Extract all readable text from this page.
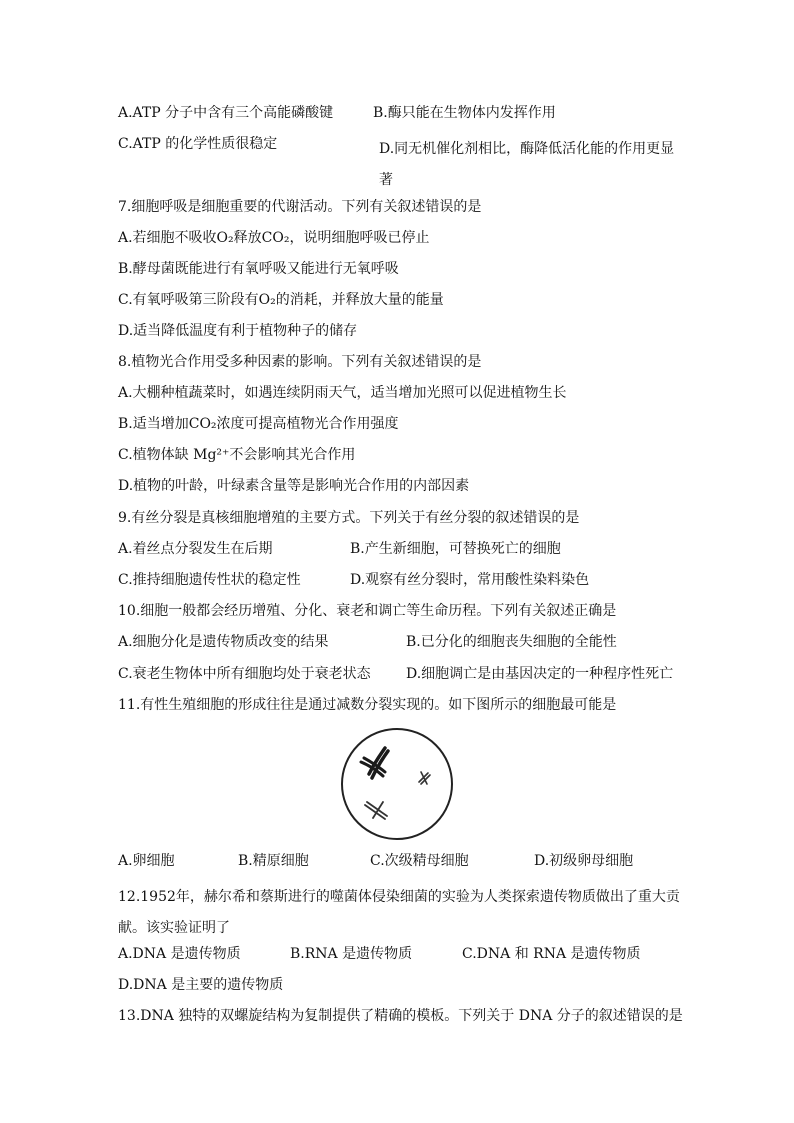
A.ATP 分子中含有三个高能磷酸键	B.酶只能在生物体内发挥作用
C.ATP 的化学性质很稳定	D.同无机催化剂相比，酶降低活化能的作用更显著
7.细胞呼吸是细胞重要的代谢活动。下列有关叙述错误的是
A.若细胞不吸收O₂释放CO₂，说明细胞呼吸已停止
B.酵母菌既能进行有氧呼吸又能进行无氧呼吸
C.有氧呼吸第三阶段有O₂的消耗，并释放大量的能量
D.适当降低温度有利于植物种子的储存
8.植物光合作用受多种因素的影响。下列有关叙述错误的是
A.大棚种植蔬菜时，如遇连续阴雨天气，适当增加光照可以促进植物生长
B.适当增加CO₂浓度可提高植物光合作用强度
C.植物体缺 Mg²⁺不会影响其光合作用
D.植物的叶龄，叶绿素含量等是影响光合作用的内部因素
9.有丝分裂是真核细胞增殖的主要方式。下列关于有丝分裂的叙述错误的是
A.着丝点分裂发生在后期	B.产生新细胞，可替换死亡的细胞
C.推持细胞遗传性状的稳定性	D.观察有丝分裂时，常用酸性染料染色
10.细胞一般都会经历增殖、分化、衰老和调亡等生命历程。下列有关叙述正确是
A.细胞分化是遗传物质改变的结果	B.已分化的细胞丧失细胞的全能性
C.衰老生物体中所有细胞均处于衰老状态	D.细胞调亡是由基因决定的一种程序性死亡
11.有性生殖细胞的形成往往是通过减数分裂实现的。如下图所示的细胞最可能是
A.卵细胞	B.精原细胞	C.次级精母细胞	D.初级卵母细胞
12.1952年，赫尔希和蔡斯进行的噬菌体侵染细菌的实验为人类探索遗传物质做出了重大贡献。该实验证明了
A.DNA 是遗传物质	B.RNA 是遗传物质	C.DNA 和 RNA 是遗传物质
D.DNA 是主要的遗传物质
13.DNA 独特的双螺旋结构为复制提供了精确的模板。下列关于 DNA 分子的叙述错误的是
